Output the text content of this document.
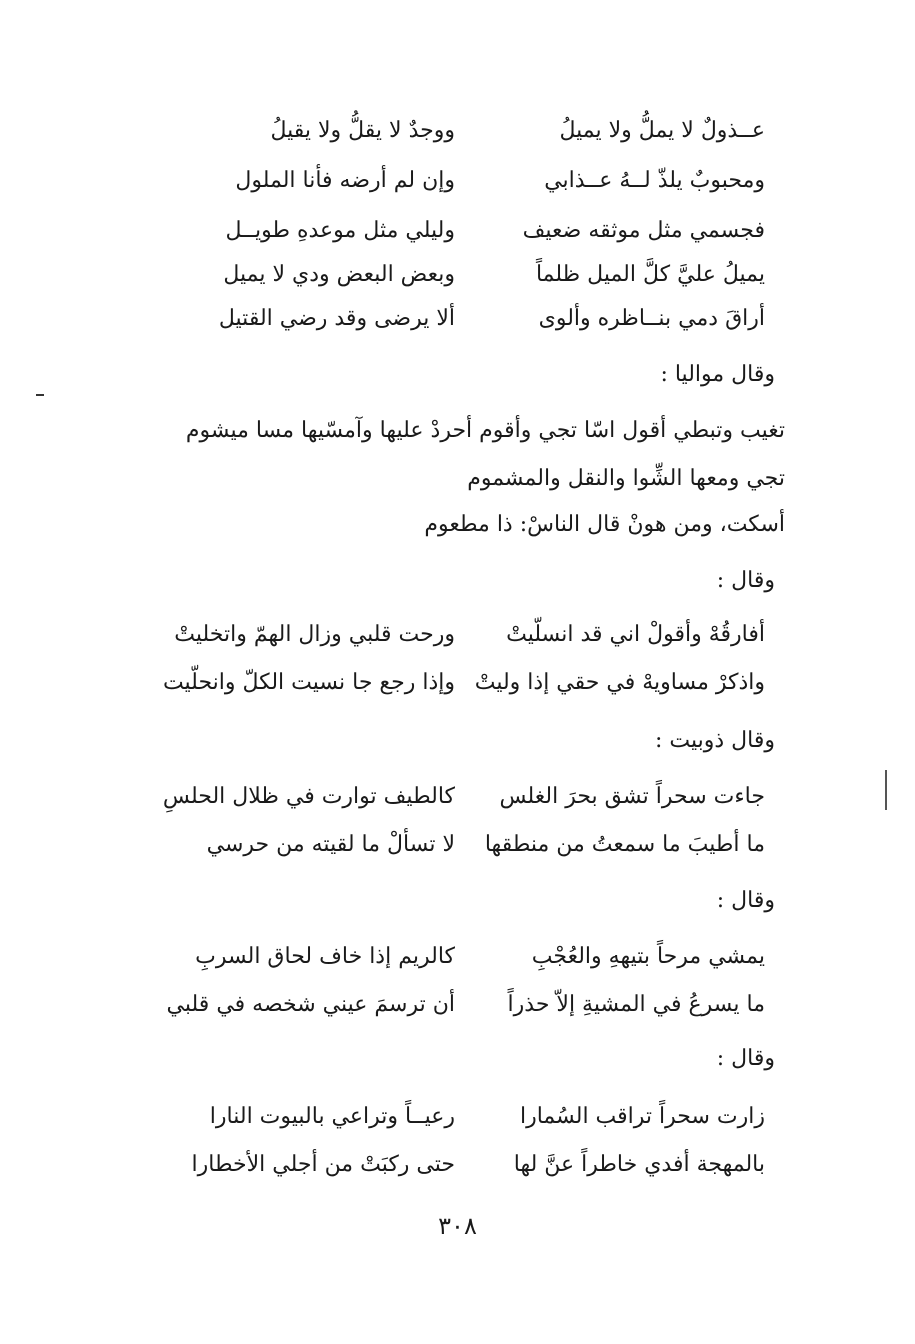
عــذولٌ لا يملُّ ولا يميلُ
ووجدٌ لا يقلُّ ولا يقيلُ
ومحبوبٌ يلذّ لــهُ عــذابي
وإن لم أرضه فأنا الملول
فجسمي مثل موثقه ضعيف
وليلي مثل موعدهِ طويــل
يميلُ عليَّ كلَّ الميل ظلماً
وبعض البعض ودي لا يميل
أراقَ دمي بنــاظره وألوى
ألا يرضى وقد رضي القتيل
وقال مواليا :
تغيب وتبطي أقول اسّا تجي وأقوم أحردْ عليها وآمسّيها مسا ميشوم
تجي ومعها الشِّوا والنقل والمشموم
أسكت، ومن هونْ قال الناسْ: ذا مطعوم
وقال :
أفارقُهْ وأقولْ اني قد انسلّيتْ
ورحت قلبي وزال الهمّ واتخليتْ
واذكرْ مساويهْ في حقي إذا وليتْ
وإذا رجع جا نسيت الكلّ وانحلّيت
وقال ذوبيت :
جاءت سحراً تشق بحرَ الغلس
كالطيف توارت في ظلال الحلسِ
ما أطيبَ ما سمعتُ من منطقها
لا تسألْ ما لقيته من حرسي
وقال :
يمشي مرحاً بتيههِ والعُجْبِ
كالريم إذا خاف لحاق السربِ
ما يسرعُ في المشيةِ إلاّ حذراً
أن ترسمَ عيني شخصه في قلبي
وقال :
زارت سحراً تراقب السُمارا
رعيــاً وتراعي بالبيوت النارا
بالمهجة أفدي خاطراً عنَّ لها
حتى ركبَتْ من أجلي الأخطارا
٣٠٨
